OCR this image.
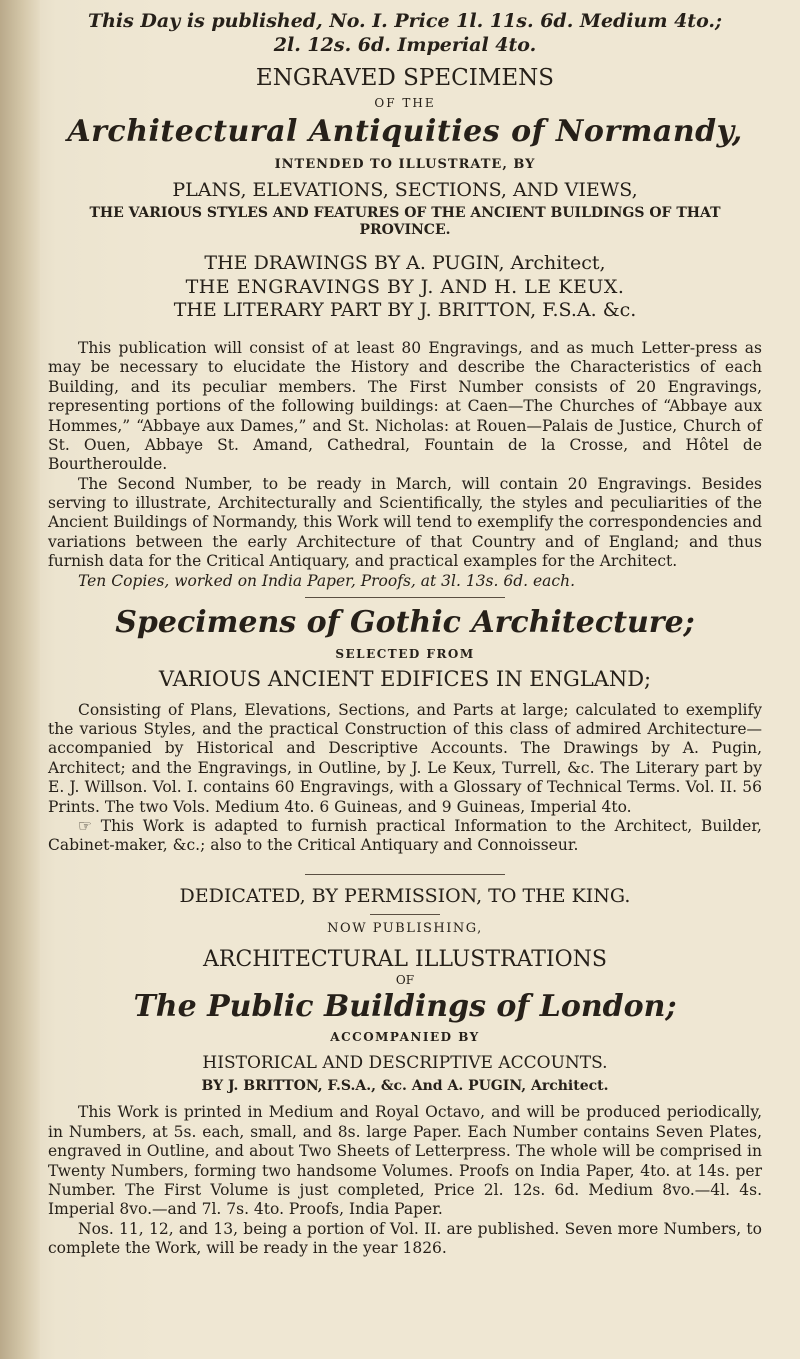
This Day is published, No. I. Price 1l. 11s. 6d. Medium 4to.;

2l. 12s. 6d. Imperial 4to.

ENGRAVED SPECIMENS

OF THE

Architectural Antiquities of Normandy,

INTENDED TO ILLUSTRATE, BY

PLANS, ELEVATIONS, SECTIONS, AND VIEWS,

THE VARIOUS STYLES AND FEATURES OF THE ANCIENT BUILDINGS OF THAT PROVINCE.

THE DRAWINGS BY A. PUGIN, Architect,

THE ENGRAVINGS BY J. AND H. LE KEUX.

THE LITERARY PART BY J. BRITTON, F.S.A. &c.

This publication will consist of at least 80 Engravings, and as much Letter-press as may be necessary to elucidate the History and describe the Characteristics of each Building, and its peculiar members. The First Number consists of 20 Engravings, representing portions of the following buildings: at Caen—The Churches of “Abbaye aux Hommes,” “Abbaye aux Dames,” and St. Nicholas: at Rouen—Palais de Justice, Church of St. Ouen, Abbaye St. Amand, Cathedral, Fountain de la Crosse, and Hôtel de Bourtheroulde.

The Second Number, to be ready in March, will contain 20 Engravings. Besides serving to illustrate, Architecturally and Scientifically, the styles and peculiarities of the Ancient Buildings of Normandy, this Work will tend to exemplify the correspondencies and variations between the early Architecture of that Country and of England; and thus furnish data for the Critical Antiquary, and practical examples for the Architect.

Ten Copies, worked on India Paper, Proofs, at 3l. 13s. 6d. each.

Specimens of Gothic Architecture;

SELECTED FROM

VARIOUS ANCIENT EDIFICES IN ENGLAND;

Consisting of Plans, Elevations, Sections, and Parts at large; calculated to exemplify the various Styles, and the practical Construction of this class of admired Architecture—accompanied by Historical and Descriptive Accounts. The Drawings by A. Pugin, Architect; and the Engravings, in Outline, by J. Le Keux, Turrell, &c. The Literary part by E. J. Willson. Vol. I. contains 60 Engravings, with a Glossary of Technical Terms. Vol. II. 56 Prints. The two Vols. Medium 4to. 6 Guineas, and 9 Guineas, Imperial 4to.

☞ This Work is adapted to furnish practical Information to the Architect, Builder, Cabinet-maker, &c.; also to the Critical Antiquary and Connoisseur.

DEDICATED, BY PERMISSION, TO THE KING.

NOW PUBLISHING,

ARCHITECTURAL ILLUSTRATIONS

OF

The Public Buildings of London;

ACCOMPANIED BY

HISTORICAL AND DESCRIPTIVE ACCOUNTS.

BY J. BRITTON, F.S.A., &c. And A. PUGIN, Architect.

This Work is printed in Medium and Royal Octavo, and will be produced periodically, in Numbers, at 5s. each, small, and 8s. large Paper. Each Number contains Seven Plates, engraved in Outline, and about Two Sheets of Letterpress. The whole will be comprised in Twenty Numbers, forming two handsome Volumes. Proofs on India Paper, 4to. at 14s. per Number. The First Volume is just completed, Price 2l. 12s. 6d. Medium 8vo.—4l. 4s. Imperial 8vo.—and 7l. 7s. 4to. Proofs, India Paper.

Nos. 11, 12, and 13, being a portion of Vol. II. are published. Seven more Numbers, to complete the Work, will be ready in the year 1826.
